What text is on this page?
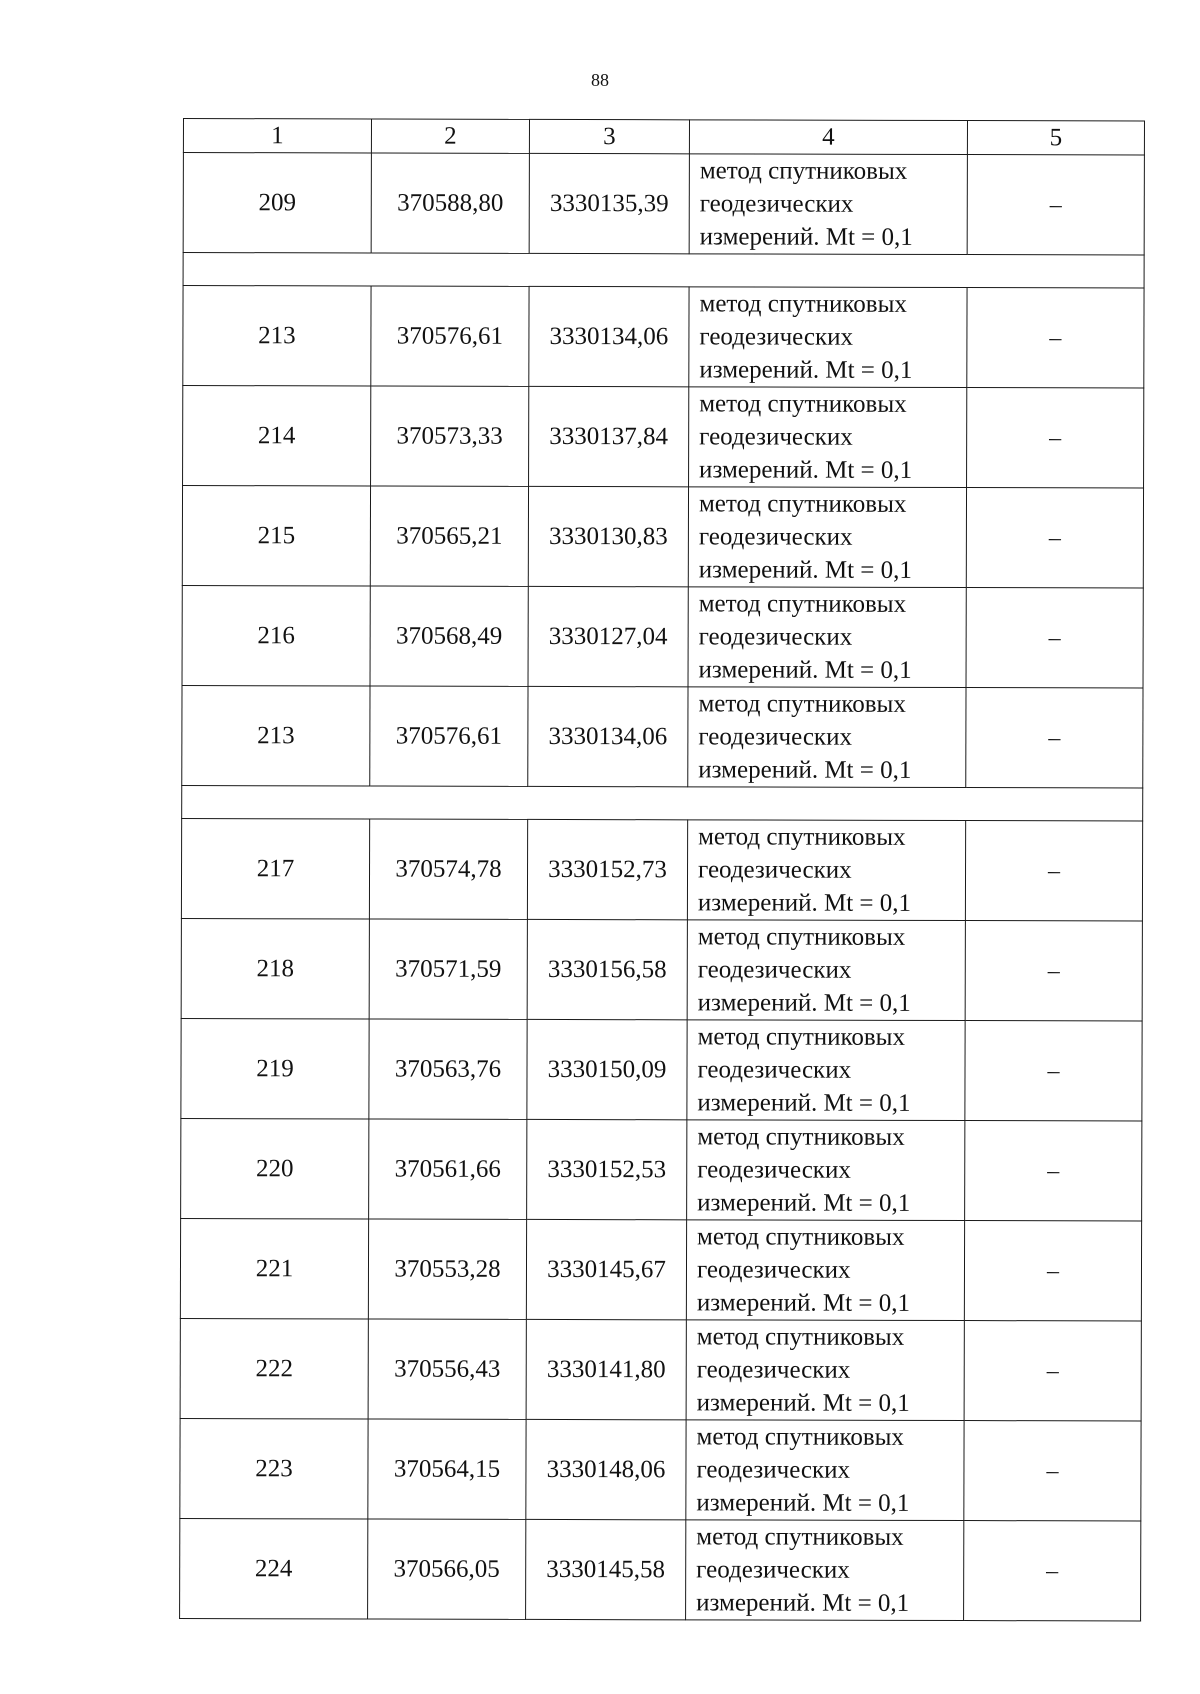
88
1	2	3	4	5
209	370588,80	3330135,39	метод спутниковых
геодезических
измерений. Mt = 0,1	–

213	370576,61	3330134,06	метод спутниковых
геодезических
измерений. Mt = 0,1	–
214	370573,33	3330137,84	метод спутниковых
геодезических
измерений. Mt = 0,1	–
215	370565,21	3330130,83	метод спутниковых
геодезических
измерений. Mt = 0,1	–
216	370568,49	3330127,04	метод спутниковых
геодезических
измерений. Mt = 0,1	–
213	370576,61	3330134,06	метод спутниковых
геодезических
измерений. Mt = 0,1	–

217	370574,78	3330152,73	метод спутниковых
геодезических
измерений. Mt = 0,1	–
218	370571,59	3330156,58	метод спутниковых
геодезических
измерений. Mt = 0,1	–
219	370563,76	3330150,09	метод спутниковых
геодезических
измерений. Mt = 0,1	–
220	370561,66	3330152,53	метод спутниковых
геодезических
измерений. Mt = 0,1	–
221	370553,28	3330145,67	метод спутниковых
геодезических
измерений. Mt = 0,1	–
222	370556,43	3330141,80	метод спутниковых
геодезических
измерений. Mt = 0,1	–
223	370564,15	3330148,06	метод спутниковых
геодезических
измерений. Mt = 0,1	–
224	370566,05	3330145,58	метод спутниковых
геодезических
измерений. Mt = 0,1	–
